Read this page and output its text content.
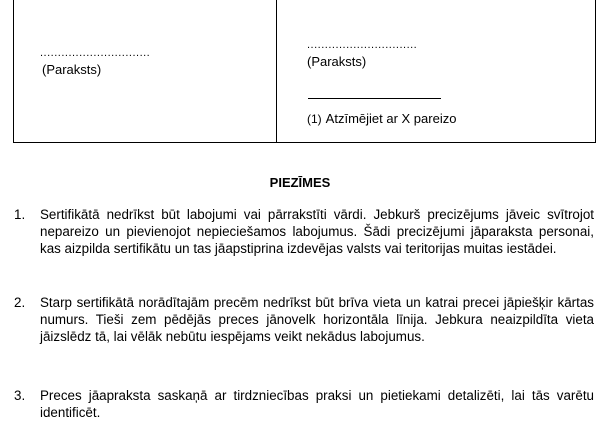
...............................
(Paraksts)
...............................
(Paraksts)
(1) Atzīmējiet ar X pareizo
PIEZĪMES
1. Sertifikātā nedrīkst būt labojumi vai pārrakstīti vārdi. Jebkurš precizējums jāveic svītrojot nepareizo un pievienojot nepieciešamos labojumus. Šādi precizējumi jāparaksta personai, kas aizpilda sertifikātu un tas jāapstiprina izdevējas valsts vai teritorijas muitas iestādei.
2. Starp sertifikātā norādītajām precēm nedrīkst būt brīva vieta un katrai precei jāpiešķir kārtas numurs. Tieši zem pēdējās preces jānovelk horizontāla līnija. Jebkura neaizpildīta vieta jāizslēdz tā, lai vēlāk nebūtu iespējams veikt nekādus labojumus.
3. Preces jāapraksta saskaņā ar tirdzniecības praksi un pietiekami detalizēti, lai tās varētu identificēt.
